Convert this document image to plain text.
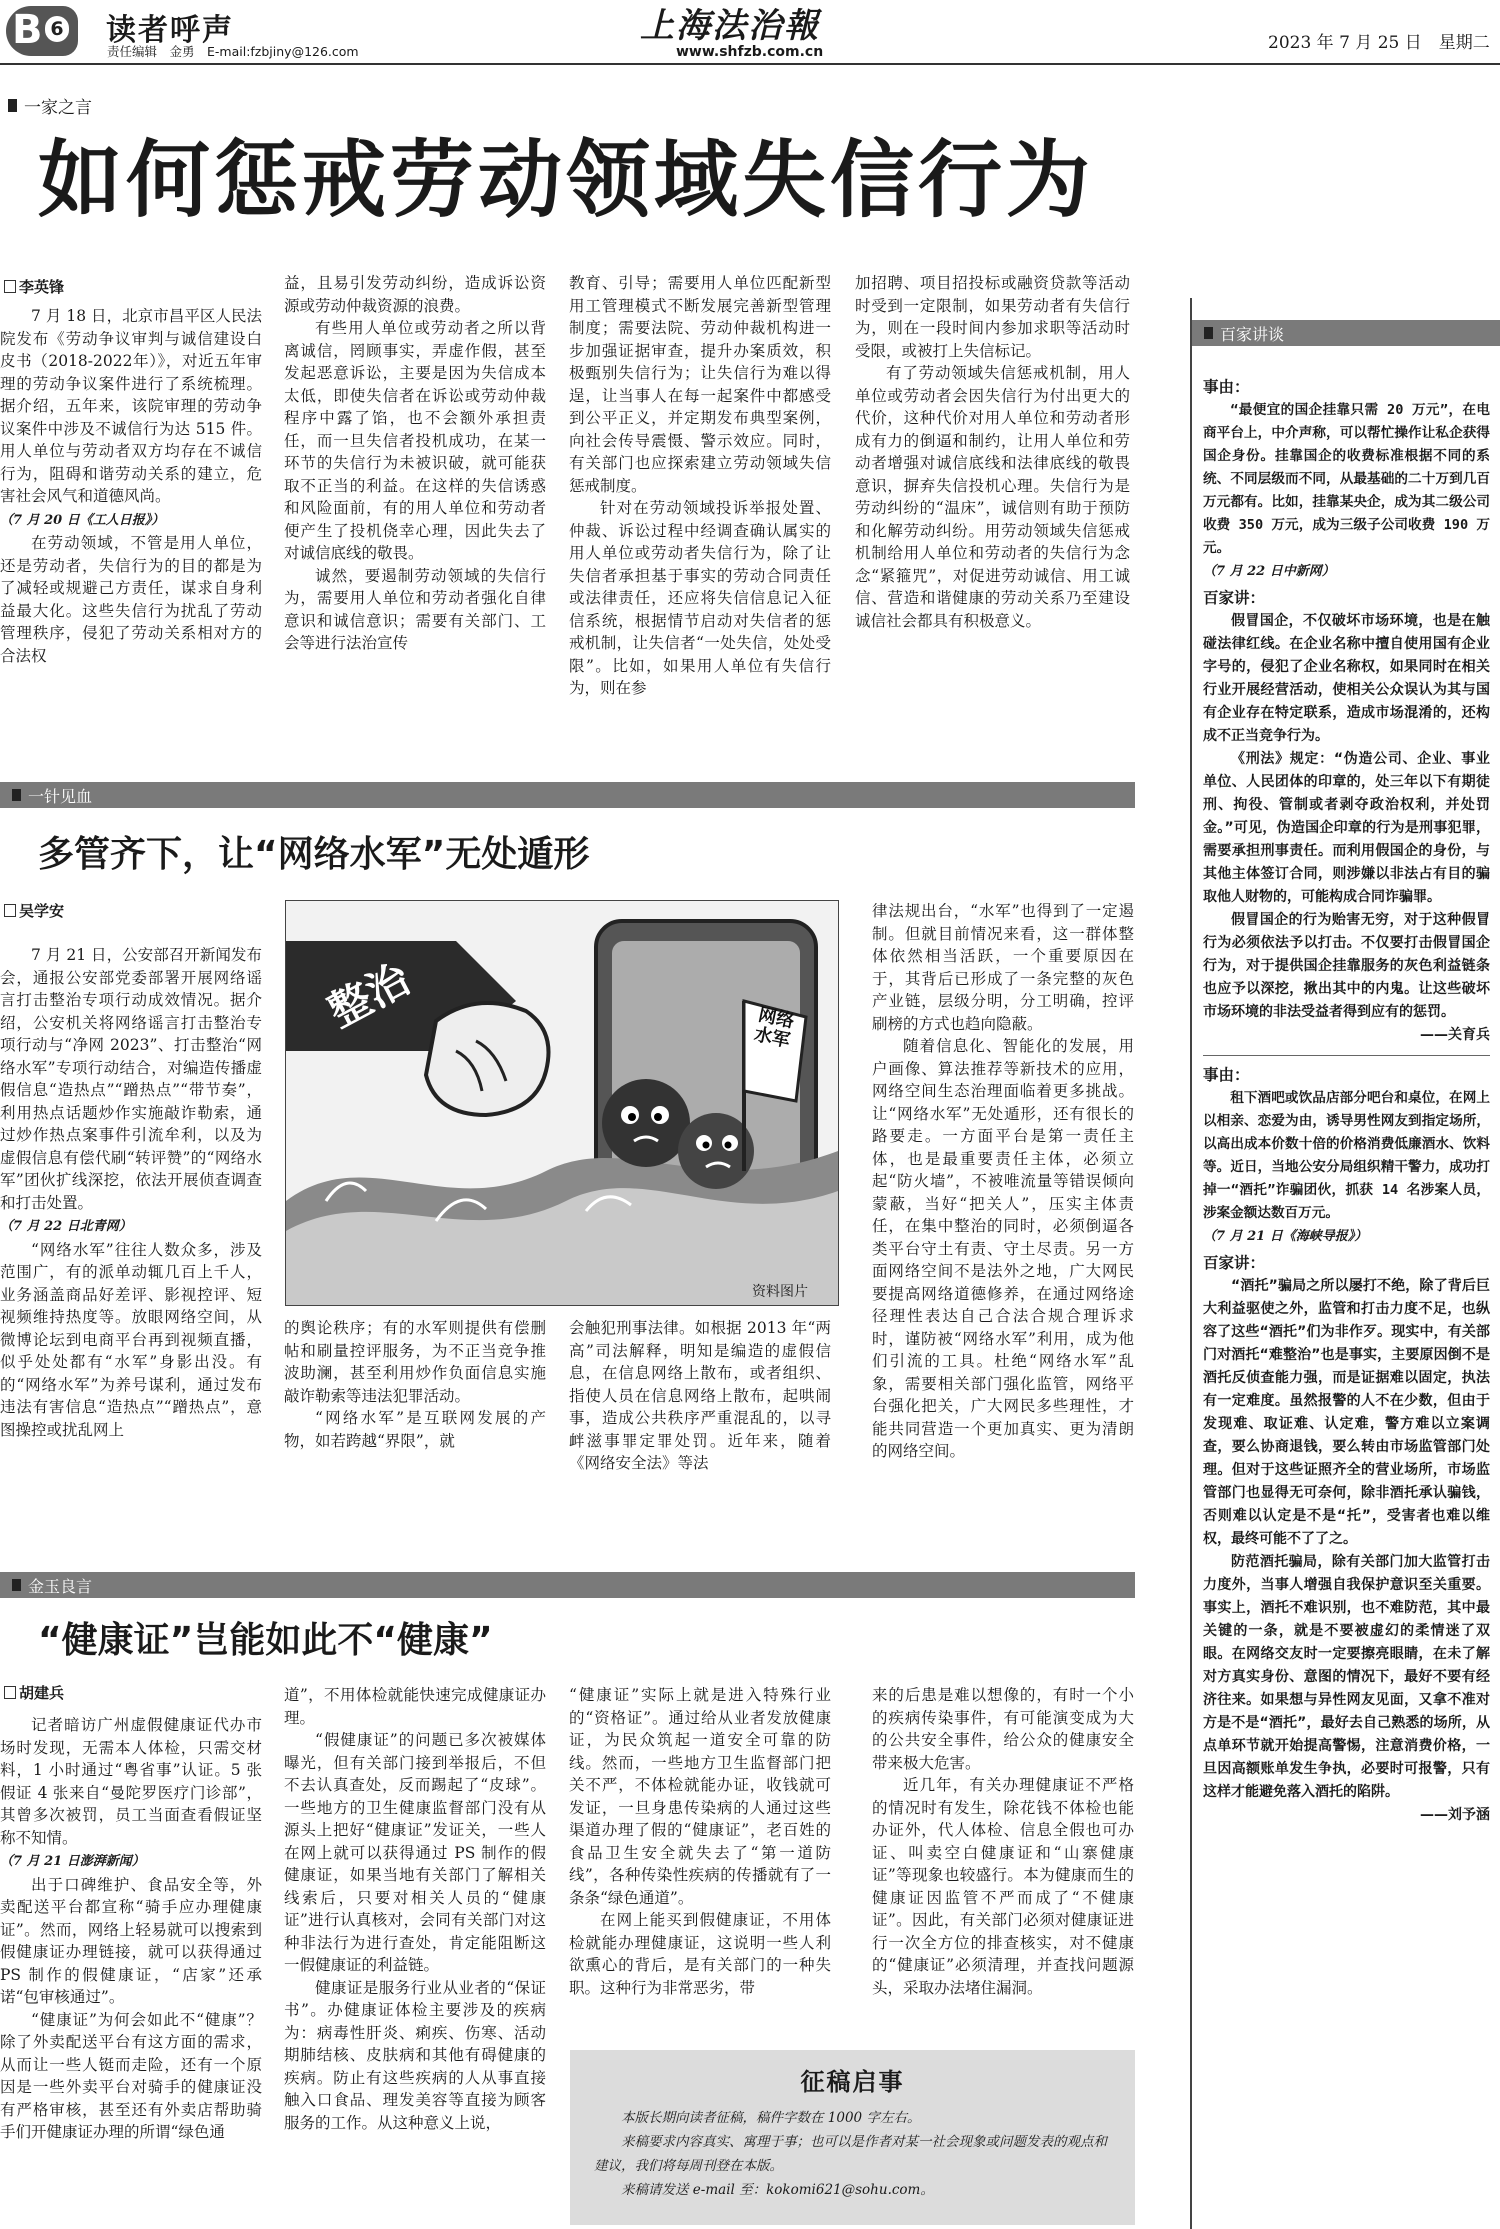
B 6 读者呼声
责任编辑　金勇　E-mail:fzbjiny@126.com
上海法治報
www.shfzb.com.cn	2023 年 7 月 25 日　星期二
一家之言
如何惩戒劳动领域失信行为
李英锋

7 月 18 日，北京市昌平区人民法院发布《劳动争议审判与诚信建设白皮书（2018-2022年）》，对近五年审理的劳动争议案件进行了系统梳理。据介绍，五年来，该院审理的劳动争议案件中涉及不诚信行为达 515 件。用人单位与劳动者双方均存在不诚信行为，阻碍和谐劳动关系的建立，危害社会风气和道德风尚。

（7 月 20 日《工人日报》）

在劳动领域，不管是用人单位，还是劳动者，失信行为的目的都是为了减轻或规避己方责任，谋求自身利益最大化。这些失信行为扰乱了劳动管理秩序，侵犯了劳动关系相对方的合法权

益，且易引发劳动纠纷，造成诉讼资源或劳动仲裁资源的浪费。

有些用人单位或劳动者之所以背离诚信，罔顾事实，弄虚作假，甚至发起恶意诉讼，主要是因为失信成本太低，即使失信者在诉讼或劳动仲裁程序中露了馅，也不会额外承担责任，而一旦失信者投机成功，在某一环节的失信行为未被识破，就可能获取不正当的利益。在这样的失信诱惑和风险面前，有的用人单位和劳动者便产生了投机侥幸心理，因此失去了对诚信底线的敬畏。

诚然，要遏制劳动领域的失信行为，需要用人单位和劳动者强化自律意识和诚信意识；需要有关部门、工会等进行法治宣传

教育、引导；需要用人单位匹配新型用工管理模式不断发展完善新型管理制度；需要法院、劳动仲裁机构进一步加强证据审查，提升办案质效，积极甄别失信行为；让失信行为难以得逞，让当事人在每一起案件中都感受到公平正义，并定期发布典型案例，向社会传导震慑、警示效应。同时，有关部门也应探索建立劳动领域失信惩戒制度。

针对在劳动领域投诉举报处置、仲裁、诉讼过程中经调查确认属实的用人单位或劳动者失信行为，除了让失信者承担基于事实的劳动合同责任或法律责任，还应将失信信息记入征信系统，根据情节启动对失信者的惩戒机制，让失信者“一处失信，处处受限”。比如，如果用人单位有失信行为，则在参

加招聘、项目招投标或融资贷款等活动时受到一定限制，如果劳动者有失信行为，则在一段时间内参加求职等活动时受限，或被打上失信标记。

有了劳动领域失信惩戒机制，用人单位或劳动者会因失信行为付出更大的代价，这种代价对用人单位和劳动者形成有力的倒逼和制约，让用人单位和劳动者增强对诚信底线和法律底线的敬畏意识，摒弃失信投机心理。失信行为是劳动纠纷的“温床”，诚信则有助于预防和化解劳动纠纷。用劳动领域失信惩戒机制给用人单位和劳动者的失信行为念念“紧箍咒”，对促进劳动诚信、用工诚信、营造和谐健康的劳动关系乃至建设诚信社会都具有积极意义。

一针见血
多管齐下，让“网络水军”无处遁形
吴学安

7 月 21 日，公安部召开新闻发布会，通报公安部党委部署开展网络谣言打击整治专项行动成效情况。据介绍，公安机关将网络谣言打击整治专项行动与“净网 2023”、打击整治“网络水军”专项行动结合，对编造传播虚假信息“造热点”“蹭热点”“带节奏”，利用热点话题炒作实施敲诈勒索，通过炒作热点案事件引流牟利，以及为虚假信息有偿代刷“转评赞”的“网络水军”团伙扩线深挖，依法开展侦查调查和打击处置。

（7 月 22 日北青网）

“网络水军”往往人数众多，涉及范围广，有的派单动辄几百上千人，业务涵盖商品好差评、影视控评、短视频维持热度等。放眼网络空间，从微博论坛到电商平台再到视频直播，似乎处处都有“水军”身影出没。有的“网络水军”为养号谋利，通过发布违法有害信息“造热点”“蹭热点”，意图操控或扰乱网上

整治	网络水军
资料图片

的舆论秩序；有的水军则提供有偿删帖和刷量控评服务，为不正当竞争推波助澜，甚至利用炒作负面信息实施敲诈勒索等违法犯罪活动。

“网络水军”是互联网发展的产物，如若跨越“界限”，就

会触犯刑事法律。如根据 2013 年“两高”司法解释，明知是编造的虚假信息，在信息网络上散布，或者组织、指使人员在信息网络上散布，起哄闹事，造成公共秩序严重混乱的，以寻衅滋事罪定罪处罚。近年来，随着《网络安全法》等法

律法规出台，“水军”也得到了一定遏制。但就目前情况来看，这一群体整体依然相当活跃，一个重要原因在于，其背后已形成了一条完整的灰色产业链，层级分明，分工明确，控评刷榜的方式也趋向隐蔽。

随着信息化、智能化的发展，用户画像、算法推荐等新技术的应用，网络空间生态治理面临着更多挑战。让“网络水军”无处遁形，还有很长的路要走。一方面平台是第一责任主体，也是最重要责任主体，必须立起“防火墙”，不被唯流量等错误倾向蒙蔽，当好“把关人”，压实主体责任，在集中整治的同时，必须倒逼各类平台守土有责、守土尽责。另一方面网络空间不是法外之地，广大网民要提高网络道德修养，在通过网络途径理性表达自己合法合规合理诉求时，谨防被“网络水军”利用，成为他们引流的工具。杜绝“网络水军”乱象，需要相关部门强化监管，网络平台强化把关，广大网民多些理性，才能共同营造一个更加真实、更为清朗的网络空间。

金玉良言
“健康证”岂能如此不“健康”
胡建兵

记者暗访广州虚假健康证代办市场时发现，无需本人体检，只需交材料，1 小时通过“粤省事”认证。5 张假证 4 张来自“曼陀罗医疗门诊部”，其曾多次被罚，员工当面查看假证坚称不知情。

（7 月 21 日澎湃新闻）

出于口碑维护、食品安全等，外卖配送平台都宣称“骑手应办理健康证”。然而，网络上轻易就可以搜索到假健康证办理链接，就可以获得通过 PS 制作的假健康证，“店家”还承诺“包审核通过”。

“健康证”为何会如此不“健康”？除了外卖配送平台有这方面的需求，从而让一些人铤而走险，还有一个原因是一些外卖平台对骑手的健康证没有严格审核，甚至还有外卖店帮助骑手们开健康证办理的所谓“绿色通

道”，不用体检就能快速完成健康证办理。

“假健康证”的问题已多次被媒体曝光，但有关部门接到举报后，不但不去认真查处，反而踢起了“皮球”。一些地方的卫生健康监督部门没有从源头上把好“健康证”发证关，一些人在网上就可以获得通过 PS 制作的假健康证，如果当地有关部门了解相关线索后，只要对相关人员的“健康证”进行认真核对，会同有关部门对这种非法行为进行查处，肯定能阻断这一假健康证的利益链。

健康证是服务行业从业者的“保证书”。办健康证体检主要涉及的疾病为：病毒性肝炎、痢疾、伤寒、活动期肺结核、皮肤病和其他有碍健康的疾病。防止有这些疾病的人从事直接触入口食品、理发美容等直接为顾客服务的工作。从这种意义上说，

“健康证”实际上就是进入特殊行业的“资格证”。通过给从业者发放健康证，为民众筑起一道安全可靠的防线。然而，一些地方卫生监督部门把关不严，不体检就能办证，收钱就可发证，一旦身患传染病的人通过这些渠道办理了假的“健康证”，老百姓的食品卫生安全就失去了“第一道防线”，各种传染性疾病的传播就有了一条条“绿色通道”。

在网上能买到假健康证，不用体检就能办理健康证，这说明一些人利欲熏心的背后，是有关部门的一种失职。这种行为非常恶劣，带

来的后患是难以想像的，有时一个小的疾病传染事件，有可能演变成为大的公共安全事件，给公众的健康安全带来极大危害。

近几年，有关办理健康证不严格的情况时有发生，除花钱不体检也能办证外，代人体检、信息全假也可办证、叫卖空白健康证和“山寨健康证”等现象也较盛行。本为健康而生的健康证因监管不严而成了“不健康证”。因此，有关部门必须对健康证进行一次全方位的排查核实，对不健康的“健康证”必须清理，并查找问题源头，采取办法堵住漏洞。

征稿启事
本版长期向读者征稿，稿件字数在 1000 字左右。
来稿要求内容真实、寓理于事；也可以是作者对某一社会现象或问题发表的观点和建议，我们将每周刊登在本版。
来稿请发送 e-mail 至：kokomi621@sohu.com。
百家讲谈

事由：

“最便宜的国企挂靠只需 20 万元”，在电商平台上，中介声称，可以帮忙操作让私企获得国企身份。挂靠国企的收费标准根据不同的系统、不同层级而不同，从最基础的二十万到几百万元都有。比如，挂靠某央企，成为其二级公司收费 350 万元，成为三级子公司收费 190 万元。

（7 月 22 日中新网）

百家讲：

假冒国企，不仅破坏市场环境，也是在触碰法律红线。在企业名称中擅自使用国有企业字号的，侵犯了企业名称权，如果同时在相关行业开展经营活动，使相关公众误认为其与国有企业存在特定联系，造成市场混淆的，还构成不正当竞争行为。

《刑法》规定：“伪造公司、企业、事业单位、人民团体的印章的，处三年以下有期徒刑、拘役、管制或者剥夺政治权利，并处罚金。”可见，伪造国企印章的行为是刑事犯罪，需要承担刑事责任。而利用假国企的身份，与其他主体签订合同，则涉嫌以非法占有目的骗取他人财物的，可能构成合同诈骗罪。

假冒国企的行为贻害无穷，对于这种假冒行为必须依法予以打击。不仅要打击假冒国企行为，对于提供国企挂靠服务的灰色利益链条也应予以深挖，揪出其中的内鬼。让这些破坏市场环境的非法受益者得到应有的惩罚。

——关育兵

事由：

租下酒吧或饮品店部分吧台和桌位，在网上以相亲、恋爱为由，诱导男性网友到指定场所，以高出成本价数十倍的价格消费低廉酒水、饮料等。近日，当地公安分局组织精干警力，成功打掉一“酒托”诈骗团伙，抓获 14 名涉案人员，涉案金额达数百万元。

（7 月 21 日《海峡导报》）

百家讲：

“酒托”骗局之所以屡打不绝，除了背后巨大利益驱使之外，监管和打击力度不足，也纵容了这些“酒托”们为非作歹。现实中，有关部门对酒托“难整治”也是事实，主要原因倒不是酒托反侦查能力强，而是证据难以固定，执法有一定难度。虽然报警的人不在少数，但由于发现难、取证难、认定难，警方难以立案调查，要么协商退钱，要么转由市场监管部门处理。但对于这些证照齐全的营业场所，市场监管部门也显得无可奈何，除非酒托承认骗钱，否则难以认定是不是“托”，受害者也难以维权，最终可能不了了之。

防范酒托骗局，除有关部门加大监管打击力度外，当事人增强自我保护意识至关重要。事实上，酒托不难识别，也不难防范，其中最关键的一条，就是不要被虚幻的柔情迷了双眼。在网络交友时一定要擦亮眼睛，在未了解对方真实身份、意图的情况下，最好不要有经济往来。如果想与异性网友见面，又拿不准对方是不是“酒托”，最好去自己熟悉的场所，从点单环节就开始提高警惕，注意消费价格，一旦因高额账单发生争执，必要时可报警，只有这样才能避免落入酒托的陷阱。

——刘予涵
